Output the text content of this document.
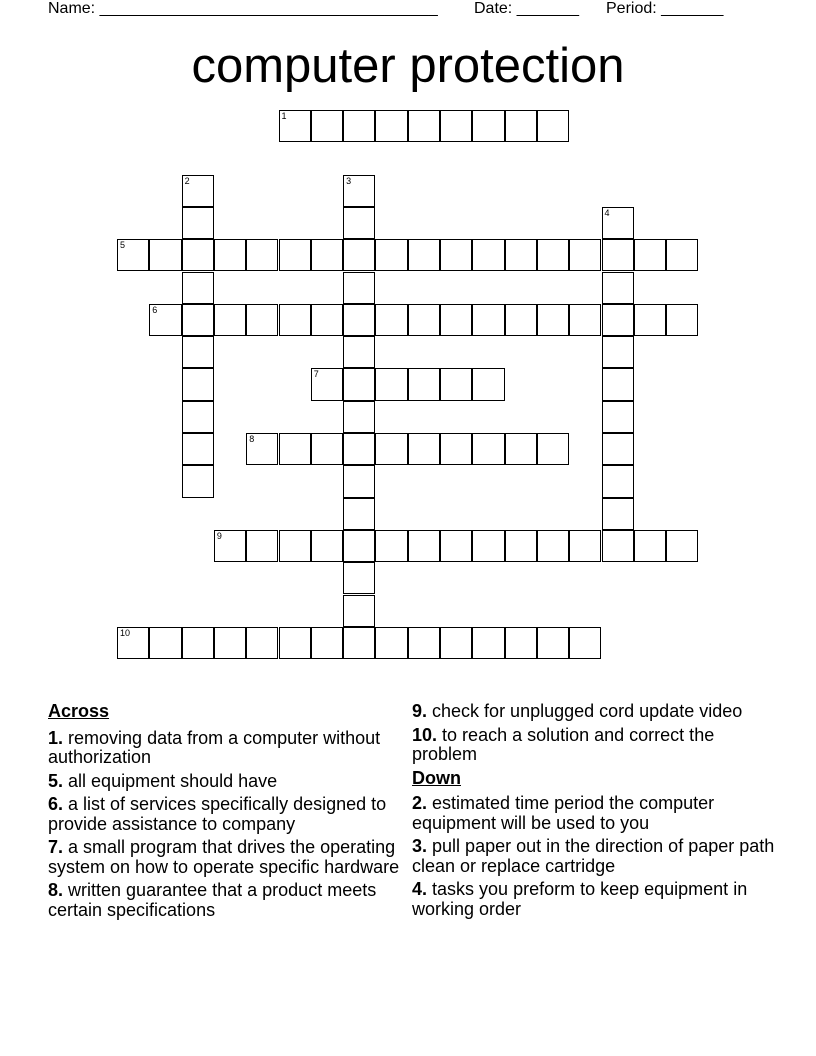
Name: ______________________________________ Date: _______ Period: _______
computer protection
1
2	3
4
5
6
7
8
9
10
Across
1. removing data from a computer without authorization
5. all equipment should have
6. a list of services specifically designed to provide assistance to company
7. a small program that drives the operating system on how to operate specific hardware
8. written guarantee that a product meets certain specifications
9. check for unplugged cord update video
10. to reach a solution and correct the problem
Down
2. estimated time period the computer equipment will be used to you
3. pull paper out in the direction of paper path clean or replace cartridge
4. tasks you preform to keep equipment in working order
